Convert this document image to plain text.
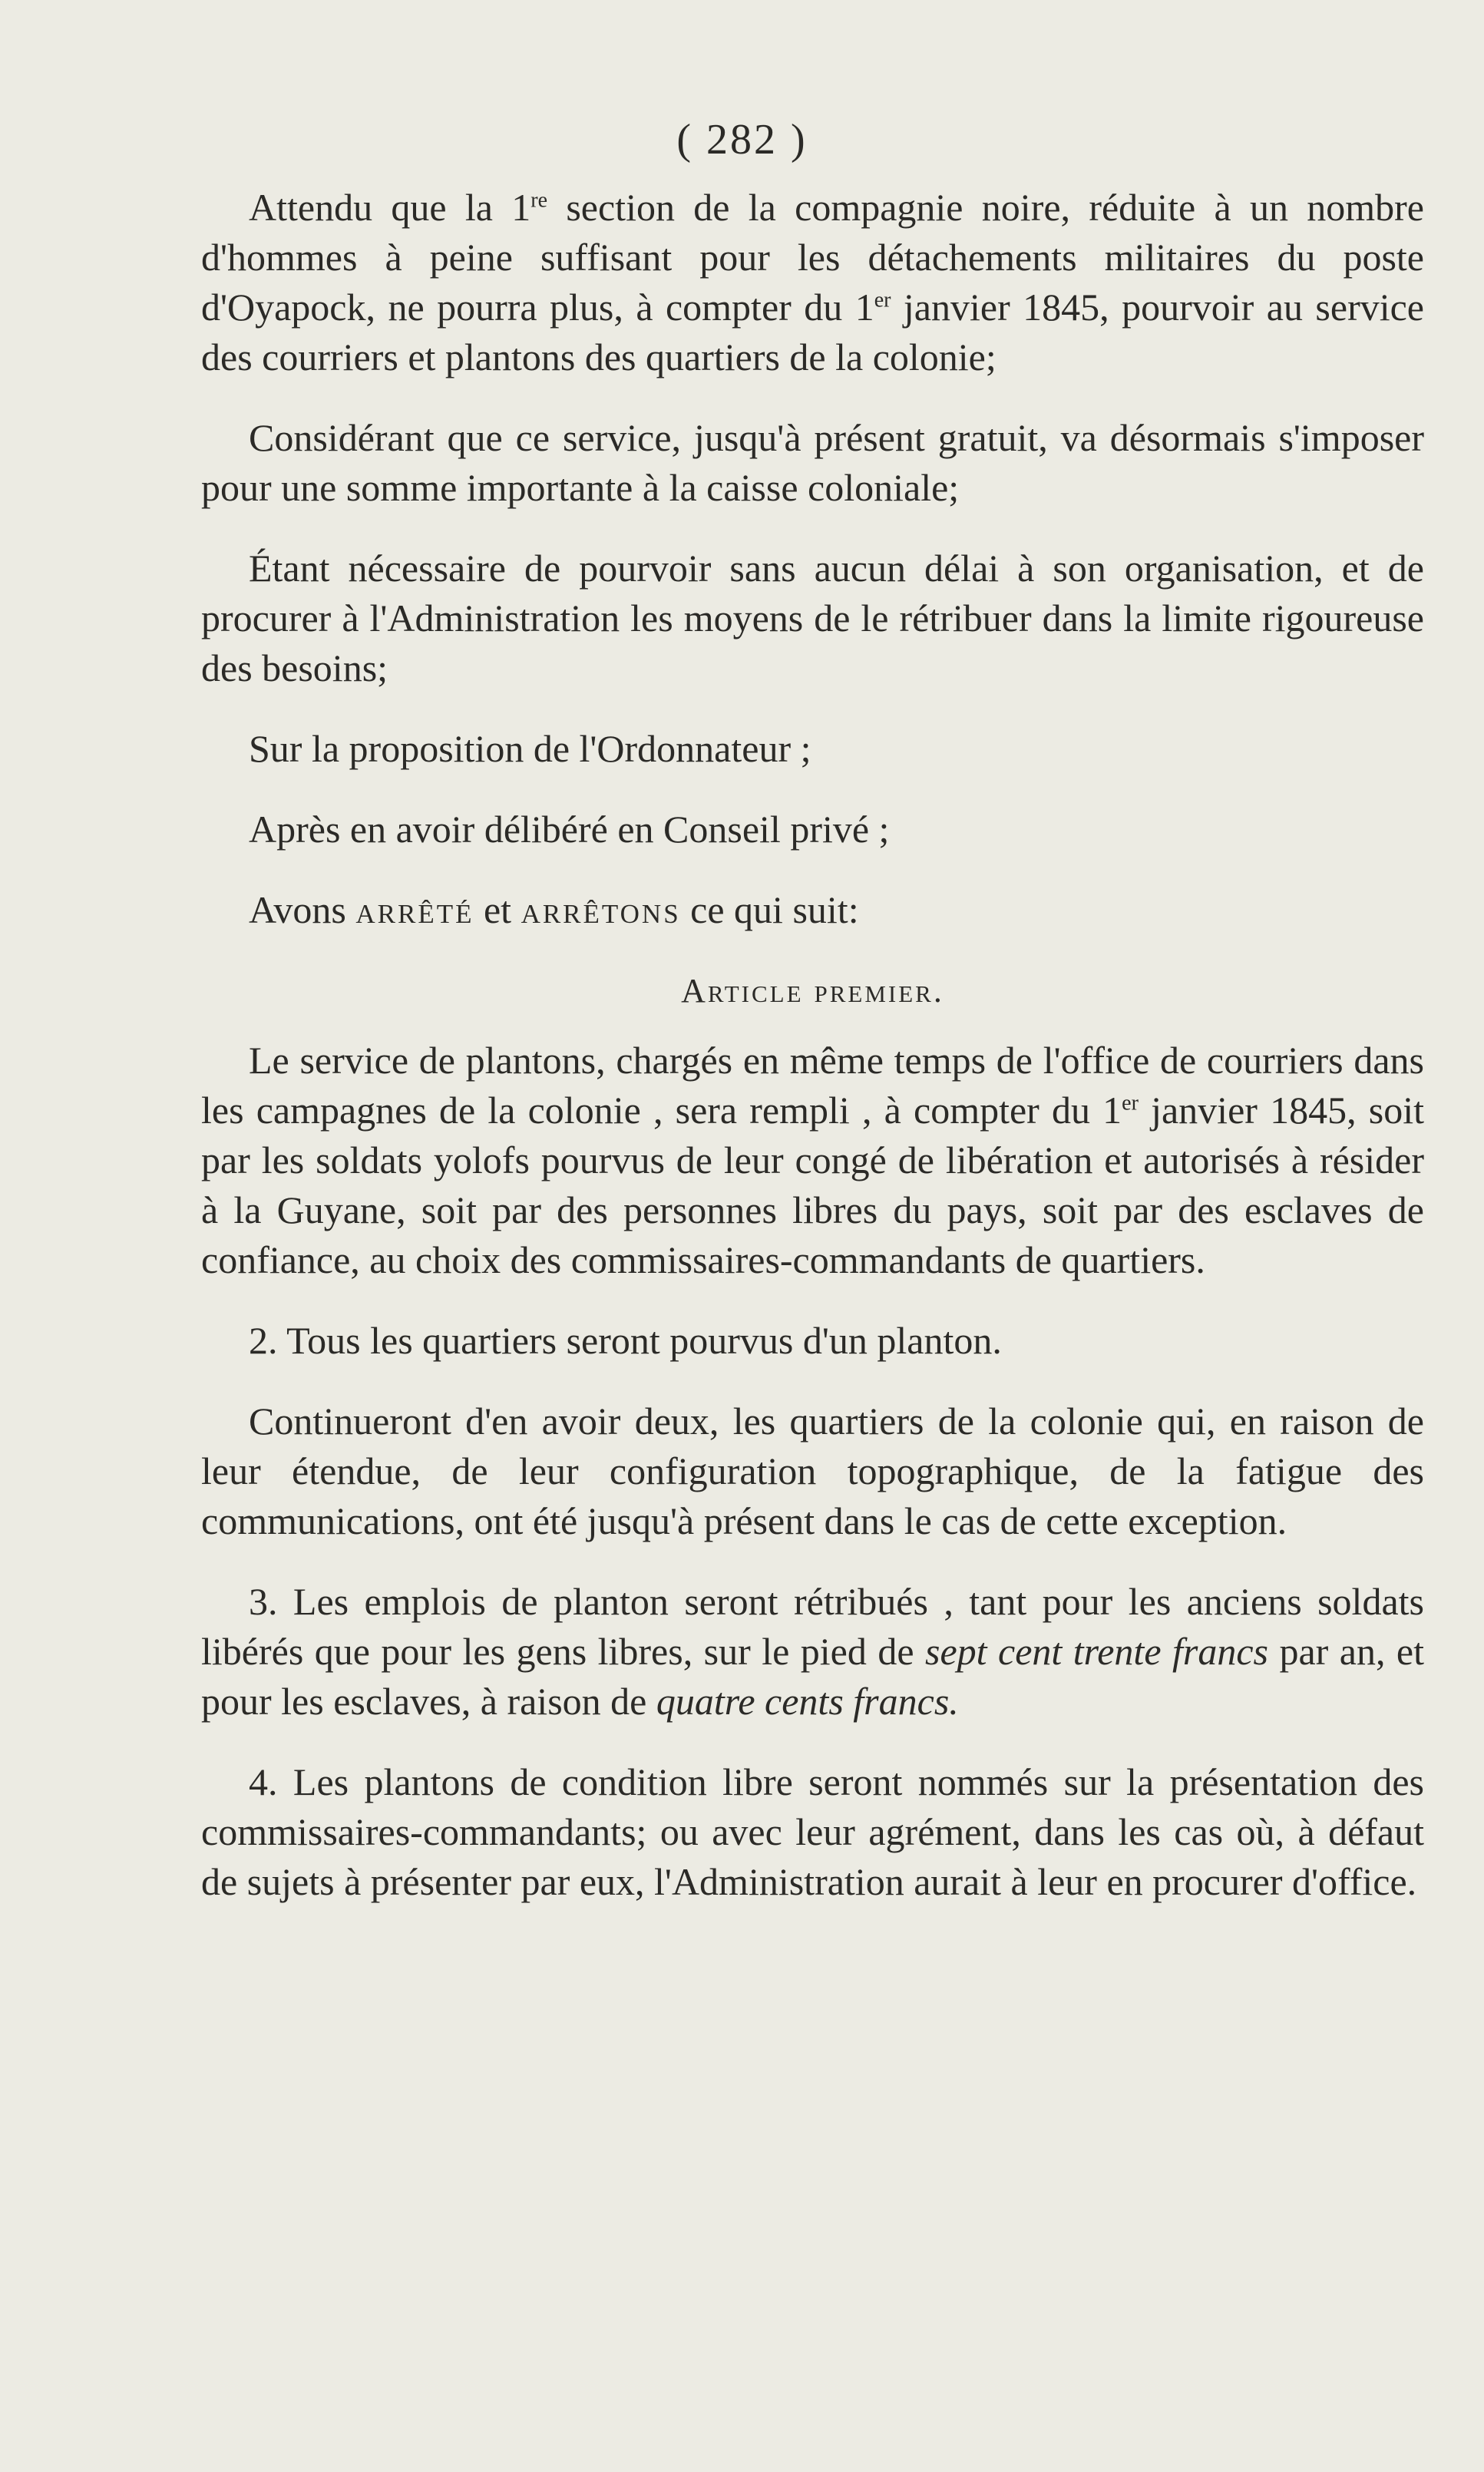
( 282 )

Attendu que la 1re section de la compagnie noire, réduite à un nombre d'hommes à peine suffisant pour les détachements militaires du poste d'Oyapock, ne pourra plus, à compter du 1er janvier 1845, pourvoir au service des courriers et plantons des quartiers de la colonie;

Considérant que ce service, jusqu'à présent gratuit, va désormais s'imposer pour une somme importante à la caisse coloniale;

Étant nécessaire de pourvoir sans aucun délai à son organisation, et de procurer à l'Administration les moyens de le rétribuer dans la limite rigoureuse des besoins;

Sur la proposition de l'Ordonnateur ;

Après en avoir délibéré en Conseil privé ;

Avons arrêté et arrêtons ce qui suit:

Article premier.

Le service de plantons, chargés en même temps de l'office de courriers dans les campagnes de la colonie , sera rempli , à compter du 1er janvier 1845, soit par les soldats yolofs pourvus de leur congé de libération et autorisés à résider à la Guyane, soit par des personnes libres du pays, soit par des esclaves de confiance, au choix des commissaires-commandants de quartiers.

2. Tous les quartiers seront pourvus d'un planton.

Continueront d'en avoir deux, les quartiers de la colonie qui, en raison de leur étendue, de leur configuration topographique, de la fatigue des communications, ont été jusqu'à présent dans le cas de cette exception.

3. Les emplois de planton seront rétribués , tant pour les anciens soldats libérés que pour les gens libres, sur le pied de sept cent trente francs par an, et pour les esclaves, à raison de quatre cents francs.

4. Les plantons de condition libre seront nommés sur la présentation des commissaires-commandants; ou avec leur agrément, dans les cas où, à défaut de sujets à présenter par eux, l'Administration aurait à leur en procurer d'office.
